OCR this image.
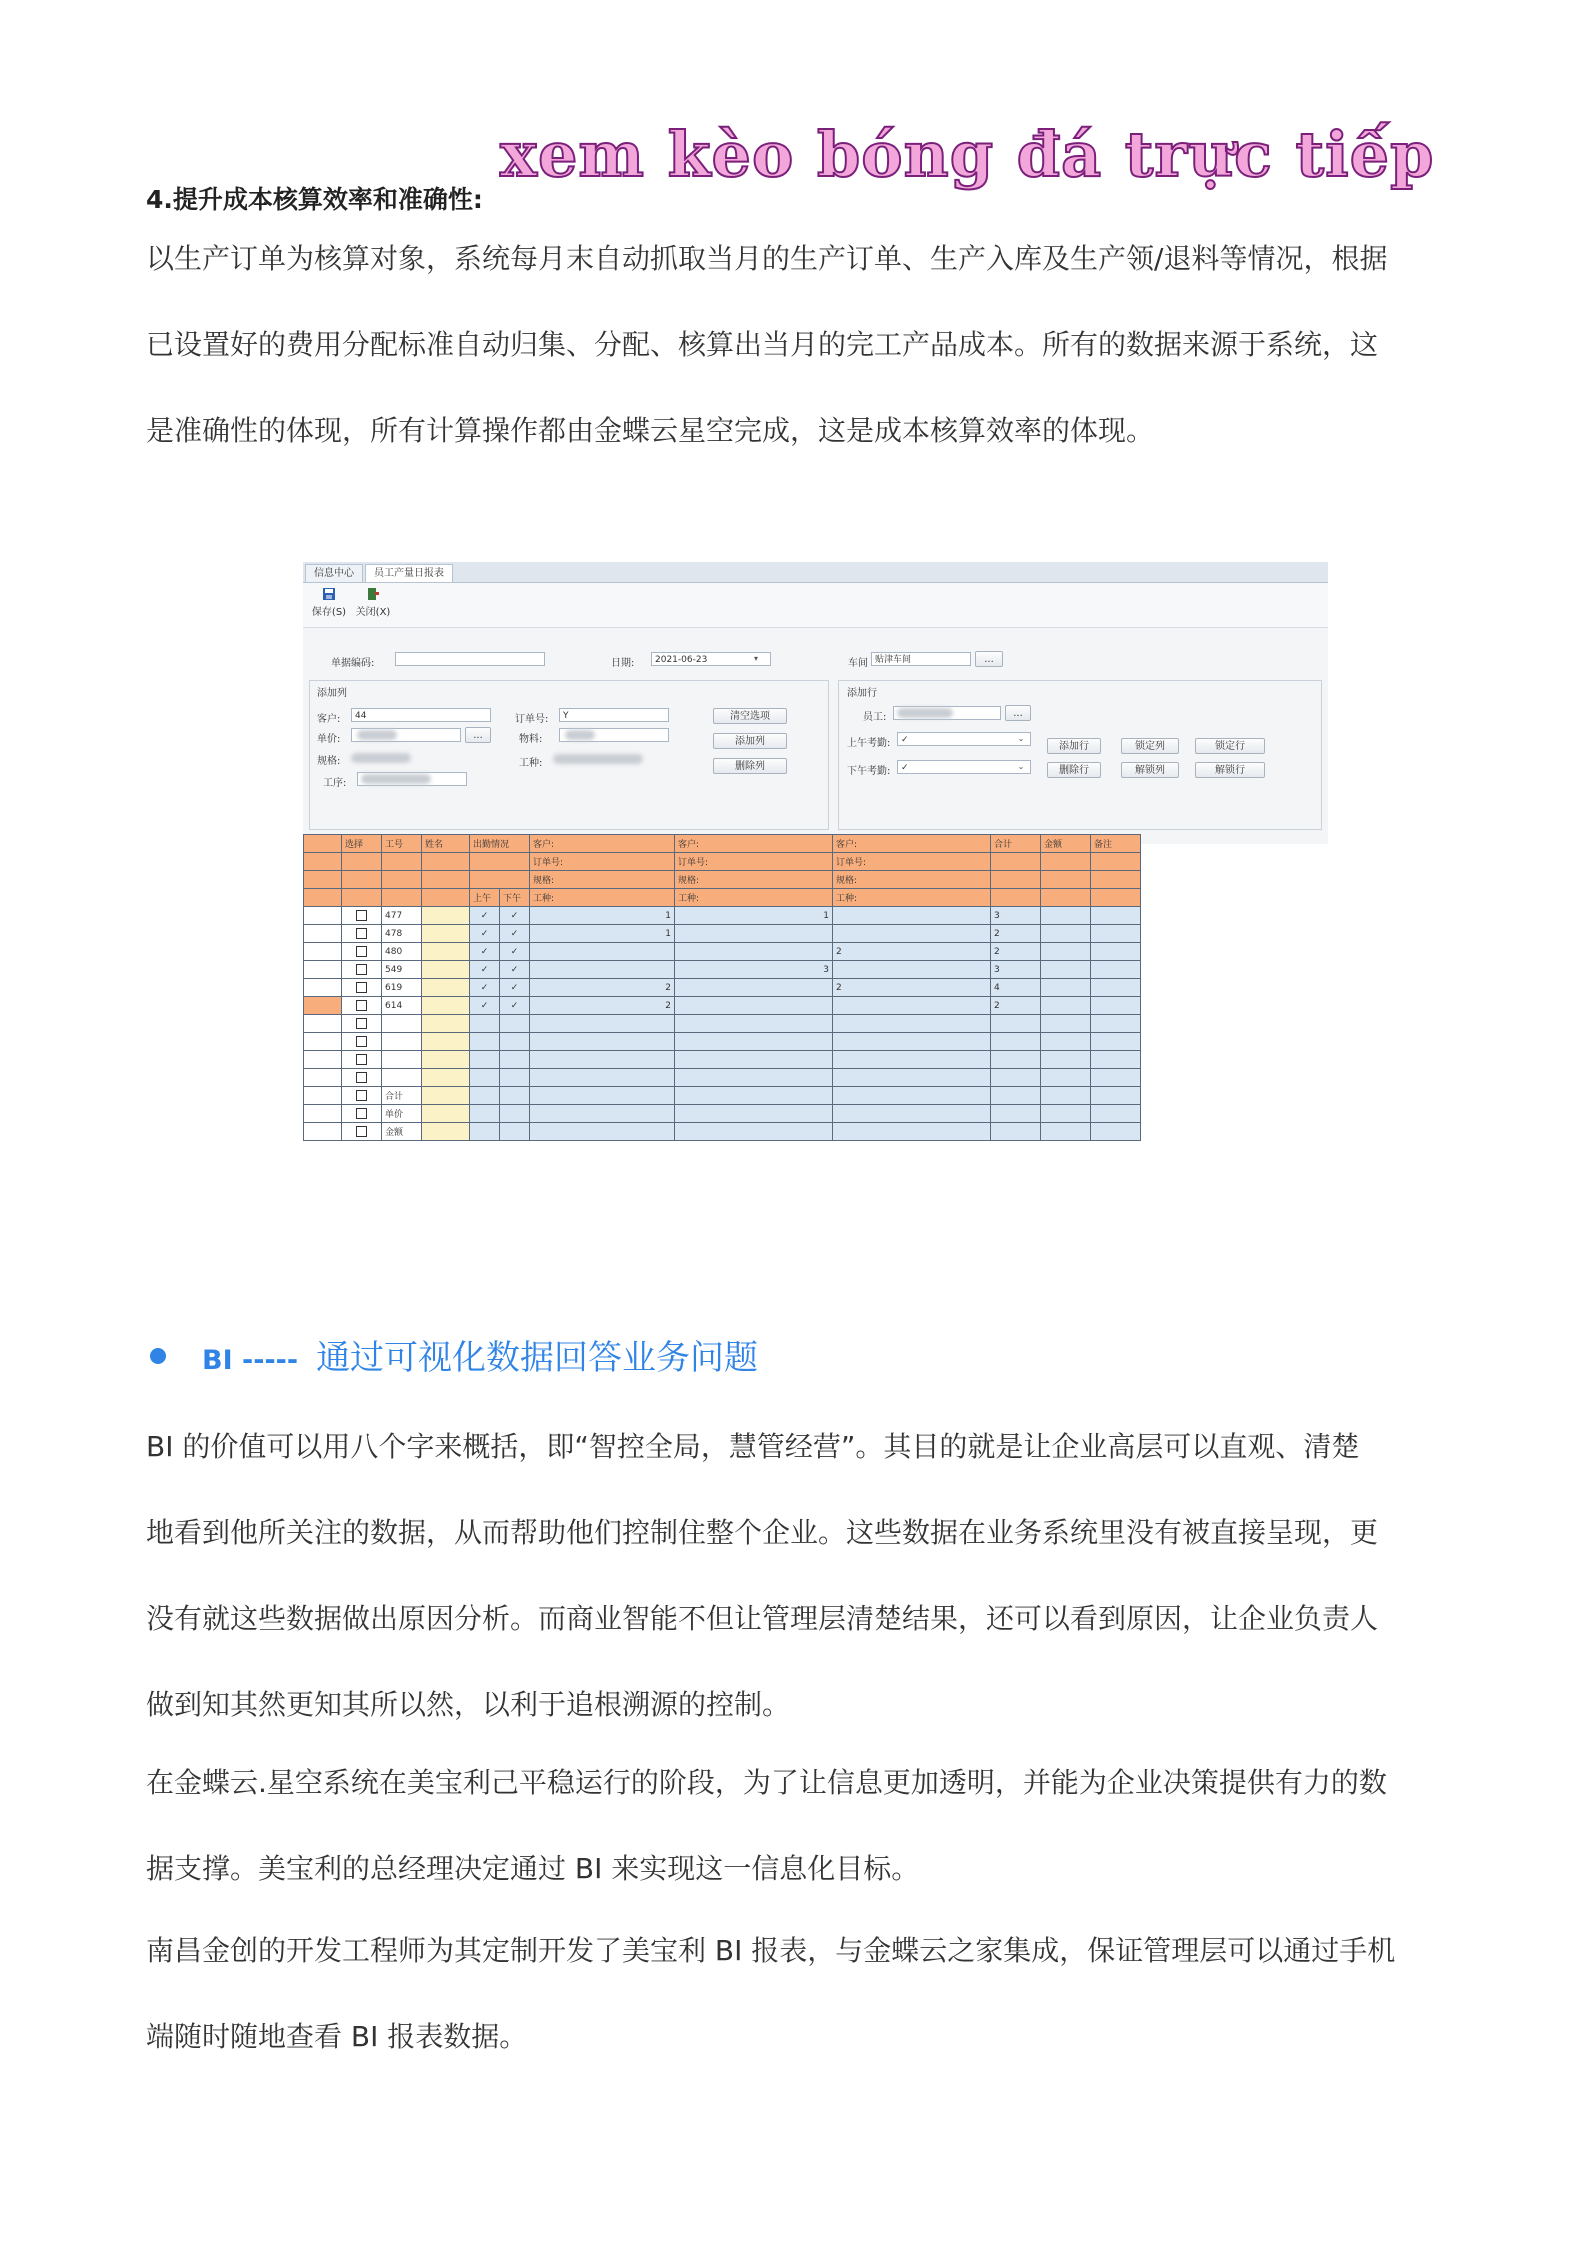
xem kèo bóng đá trực tiếp
4.提升成本核算效率和准确性:

以生产订单为核算对象，系统每月末自动抓取当月的生产订单、生产入库及生产领/退料等情况，根据
已设置好的费用分配标准自动归集、分配、核算出当月的完工产品成本。所有的数据来源于系统，这
是准确性的体现，所有计算操作都由金蝶云星空完成，这是成本核算效率的体现。

信息中心	员工产量日报表
保存(S) 关闭(X)
单据编码:	日期:	2021-06-23	▾	车间 贴津车间	...
添加列
客户:	44	订单号:	Y
单价:	...	物料:
规格:	工种:
工序:
清空选项
添加列
删除列
添加行
员工:	...
上午考勤:	✓	⌄
下午考勤:	✓	⌄
添加行
删除行
锁定列
解锁列
锁定行
解锁行
	选择	工号	姓名	出勤情况		客户:	客户:	客户:	合计	金额	备注
						订单号:	订单号:	订单号:			
						规格:	规格:	规格:			
				上午	下午	工种:	工种:	工种:			
		477		✓	✓	1	1		3		
		478		✓	✓	1			2		
		480		✓	✓			2	2		
		549		✓	✓		3		3		
		619		✓	✓	2		2	4		
		614		✓	✓	2			2		

		合计									
		单价									
		金额									
BI ----- 通过可视化数据回答业务问题

BI 的价值可以用八个字来概括，即“智控全局，慧管经营”。其目的就是让企业高层可以直观、清楚
地看到他所关注的数据，从而帮助他们控制住整个企业。这些数据在业务系统里没有被直接呈现，更
没有就这些数据做出原因分析。而商业智能不但让管理层清楚结果，还可以看到原因，让企业负责人
做到知其然更知其所以然，以利于追根溯源的控制。

在金蝶云.星空系统在美宝利己平稳运行的阶段，为了让信息更加透明，并能为企业决策提供有力的数
据支撑。美宝利的总经理决定通过 BI 来实现这一信息化目标。

南昌金创的开发工程师为其定制开发了美宝利 BI 报表，与金蝶云之家集成，保证管理层可以通过手机
端随时随地查看 BI 报表数据。
